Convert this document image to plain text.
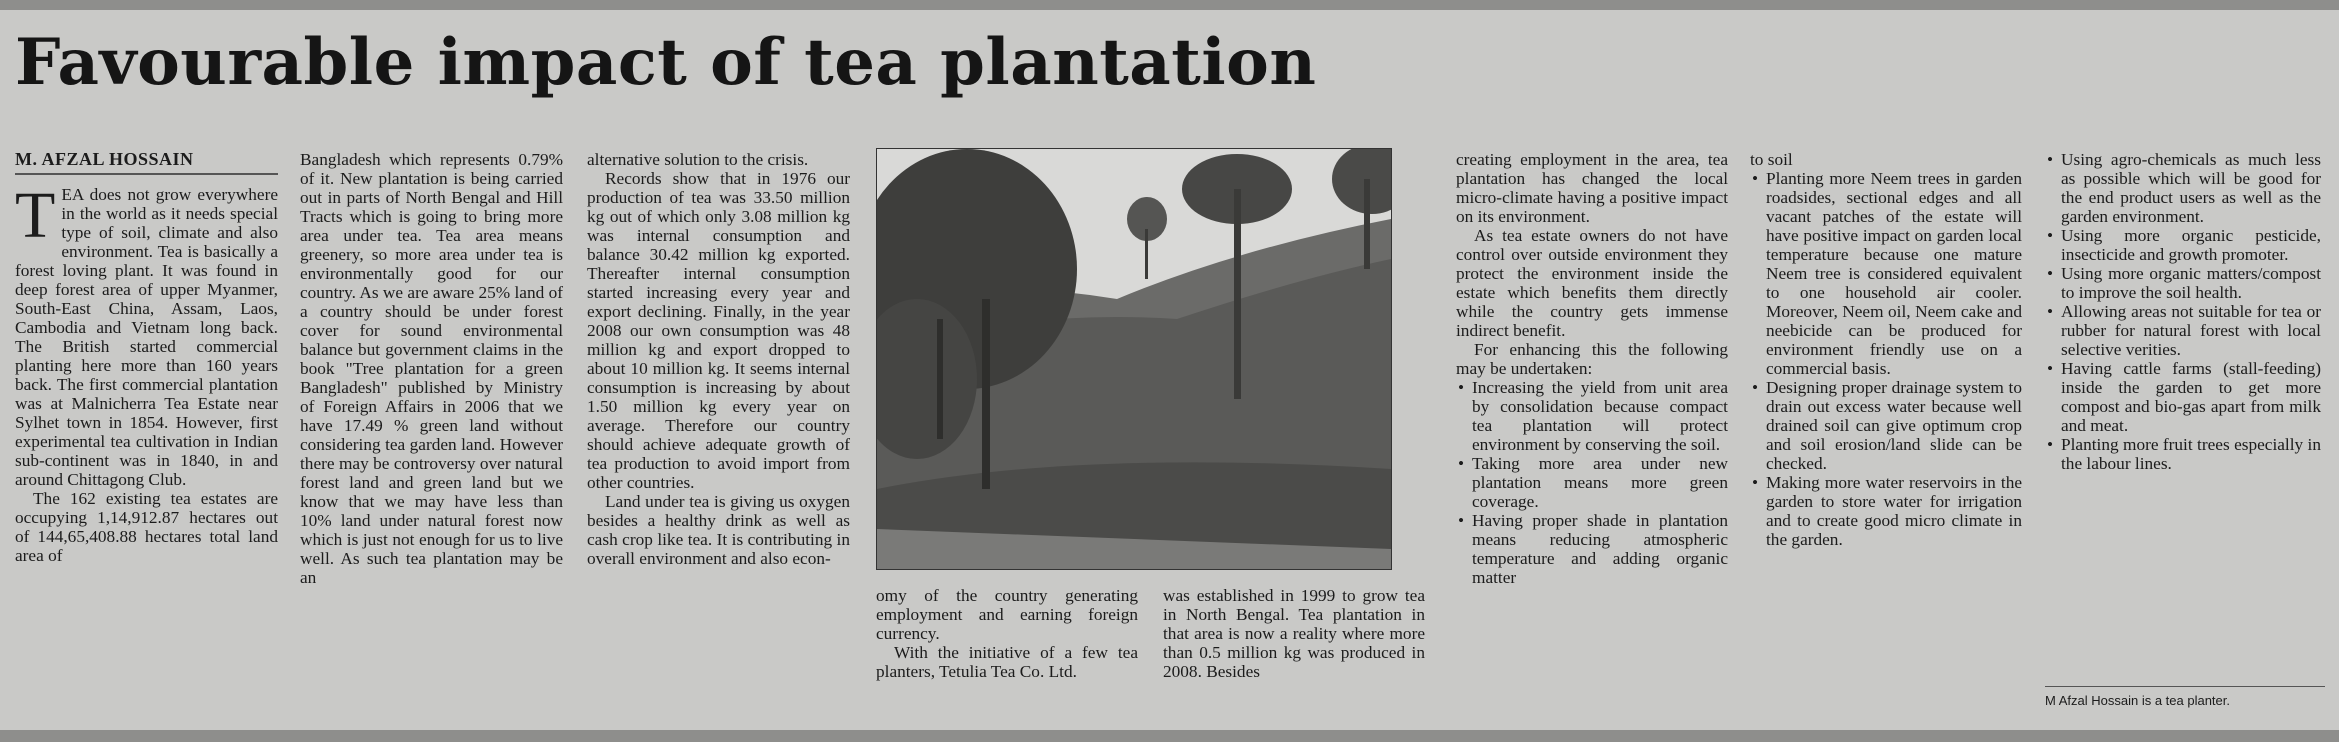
Favourable impact of tea plantation
M. AFZAL HOSSAIN

TEA does not grow everywhere in the world as it needs special type of soil, climate and also environment. Tea is basically a forest loving plant. It was found in deep forest area of upper Myanmer, South-East China, Assam, Laos, Cambodia and Vietnam long back. The British started commercial planting here more than 160 years back. The first commercial plantation was at Malnicherra Tea Estate near Sylhet town in 1854. However, first experimental tea cultivation in Indian sub-continent was in 1840, in and around Chittagong Club.

The 162 existing tea estates are occupying 1,14,912.87 hectares out of 144,65,408.88 hectares total land area of

Bangladesh which represents 0.79% of it. New plantation is being carried out in parts of North Bengal and Hill Tracts which is going to bring more area under tea. Tea area means greenery, so more area under tea is environmentally good for our country. As we are aware 25% land of a country should be under forest cover for sound environmental balance but government claims in the book "Tree plantation for a green Bangladesh" published by Ministry of Foreign Affairs in 2006 that we have 17.49 % green land without considering tea garden land. However there may be controversy over natural forest land and green land but we know that we may have less than 10% land under natural forest now which is just not enough for us to live well. As such tea plantation may be an

alternative solution to the crisis.

Records show that in 1976 our production of tea was 33.50 million kg out of which only 3.08 million kg was internal consumption and balance 30.42 million kg exported. Thereafter internal consumption started increasing every year and export declining. Finally, in the year 2008 our own consumption was 48 million kg and export dropped to about 10 million kg. It seems internal consumption is increasing by about 1.50 million kg every year on average. Therefore our country should achieve adequate growth of tea production to avoid import from other countries.

Land under tea is giving us oxygen besides a healthy drink as well as cash crop like tea. It is contributing in overall environment and also econ-

omy of the country generating employment and earning foreign currency.

With the initiative of a few tea planters, Tetulia Tea Co. Ltd.

was established in 1999 to grow tea in North Bengal. Tea plantation in that area is now a reality where more than 0.5 million kg was produced in 2008. Besides

creating employment in the area, tea plantation has changed the local micro-climate having a positive impact on its environment.

As tea estate owners do not have control over outside environment they protect the environment inside the estate which benefits them directly while the country gets immense indirect benefit.

For enhancing this the following may be undertaken:

• Increasing the yield from unit area by consolidation because compact tea plantation will protect environment by conserving the soil.
• Taking more area under new plantation means more green coverage.
• Having proper shade in plantation means reducing atmospheric temperature and adding organic matter

to soil

• Planting more Neem trees in garden roadsides, sectional edges and all vacant patches of the estate will have positive impact on garden local temperature because one mature Neem tree is considered equivalent to one household air cooler. Moreover, Neem oil, Neem cake and neebicide can be produced for environment friendly use on a commercial basis.
• Designing proper drainage system to drain out excess water because well drained soil can give optimum crop and soil erosion/land slide can be checked.
• Making more water reservoirs in the garden to store water for irrigation and to create good micro climate in the garden.
• Using agro-chemicals as much less as possible which will be good for the end product users as well as the garden environment.
• Using more organic pesticide, insecticide and growth promoter.
• Using more organic matters/compost to improve the soil health.
• Allowing areas not suitable for tea or rubber for natural forest with local selective verities.
• Having cattle farms (stall-feeding) inside the garden to get more compost and bio-gas apart from milk and meat.
• Planting more fruit trees especially in the labour lines.
M Afzal Hossain is a tea planter.
